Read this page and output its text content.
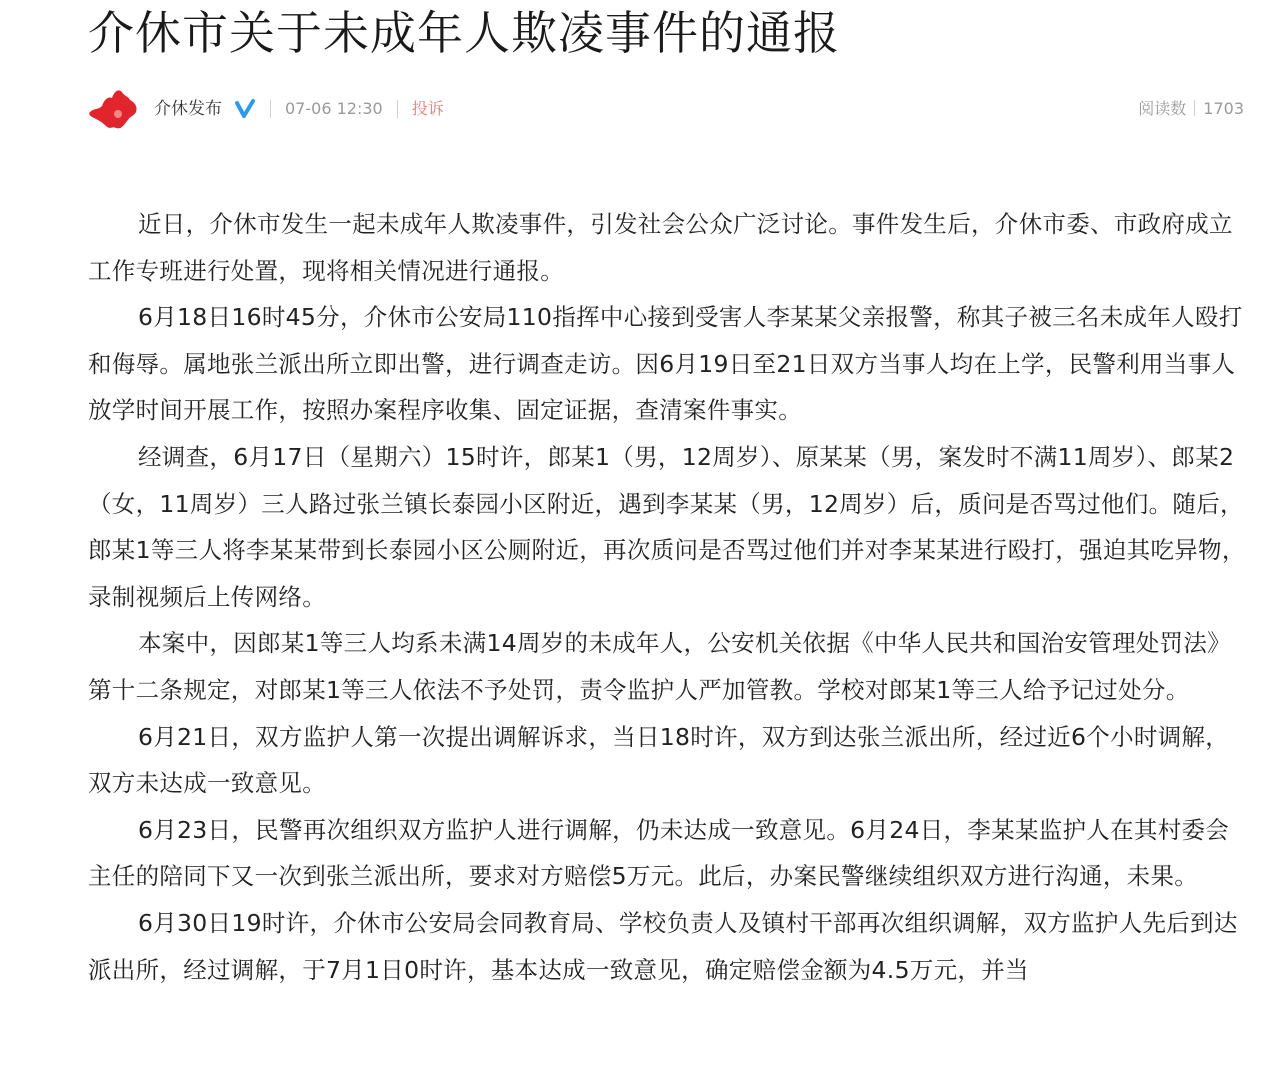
介休市关于未成年人欺凌事件的通报
介休发布	07-06 12:30 投诉	阅读数 1703

近日，介休市发生一起未成年人欺凌事件，引发社会公众广泛讨论。事件发生后，介休市委、市政府成立工作专班进行处置，现将相关情况进行通报。

6月18日16时45分，介休市公安局110指挥中心接到受害人李某某父亲报警，称其子被三名未成年人殴打和侮辱。属地张兰派出所立即出警，进行调查走访。因6月19日至21日双方当事人均在上学，民警利用当事人放学时间开展工作，按照办案程序收集、固定证据，查清案件事实。

经调查，6月17日（星期六）15时许，郎某1（男，12周岁）、原某某（男，案发时不满11周岁）、郎某2（女，11周岁）三人路过张兰镇长泰园小区附近，遇到李某某（男，12周岁）后，质问是否骂过他们。随后，郎某1等三人将李某某带到长泰园小区公厕附近，再次质问是否骂过他们并对李某某进行殴打，强迫其吃异物，录制视频后上传网络。

本案中，因郎某1等三人均系未满14周岁的未成年人，公安机关依据《中华人民共和国治安管理处罚法》第十二条规定，对郎某1等三人依法不予处罚，责令监护人严加管教。学校对郎某1等三人给予记过处分。

6月21日，双方监护人第一次提出调解诉求，当日18时许，双方到达张兰派出所，经过近6个小时调解，双方未达成一致意见。

6月23日，民警再次组织双方监护人进行调解，仍未达成一致意见。6月24日，李某某监护人在其村委会主任的陪同下又一次到张兰派出所，要求对方赔偿5万元。此后，办案民警继续组织双方进行沟通，未果。

6月30日19时许，介休市公安局会同教育局、学校负责人及镇村干部再次组织调解，双方监护人先后到达派出所，经过调解，于7月1日0时许，基本达成一致意见，确定赔偿金额为4.5万元，并当
